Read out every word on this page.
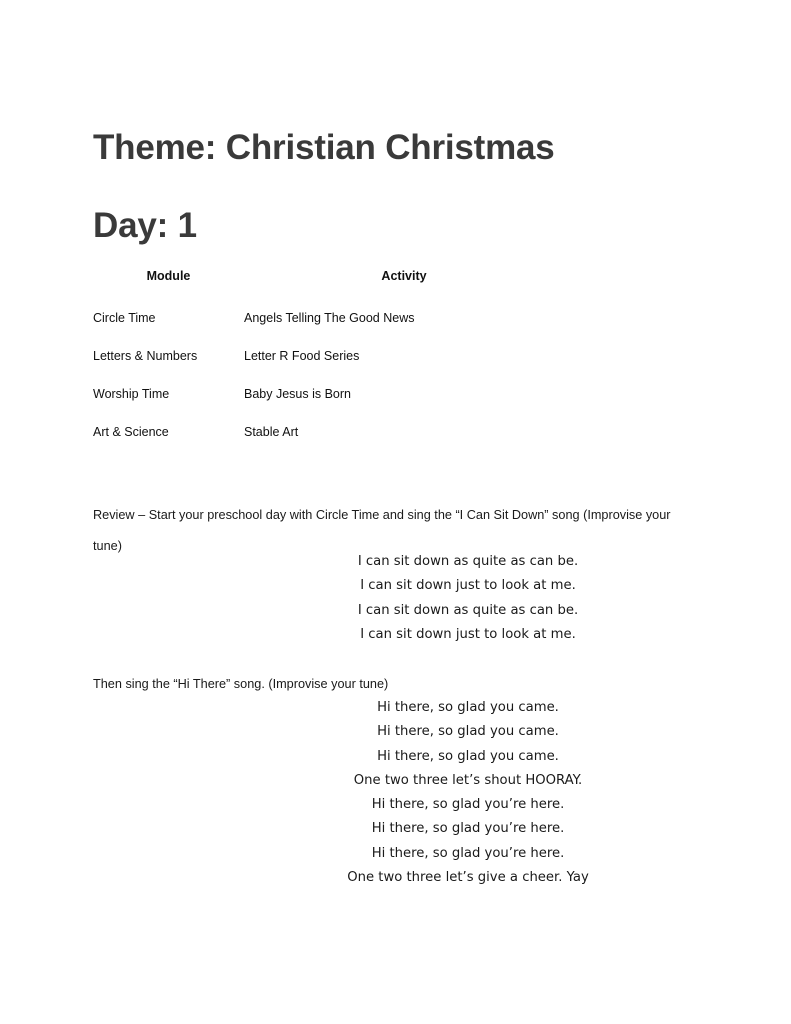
Theme: Christian Christmas
Day: 1
Module	Activity
Circle Time	Angels Telling The Good News
Letters & Numbers	Letter R Food Series
Worship Time	Baby Jesus is Born
Art & Science	Stable Art

Review – Start your preschool day with Circle Time and sing the “I Can Sit Down” song (Improvise your tune)

I can sit down as quite as can be.
I can sit down just to look at me.
I can sit down as quite as can be.
I can sit down just to look at me.

Then sing the “Hi There” song. (Improvise your tune)

Hi there, so glad you came.
Hi there, so glad you came.
Hi there, so glad you came.
One two three let’s shout HOORAY.
Hi there, so glad you’re here.
Hi there, so glad you’re here.
Hi there, so glad you’re here.
One two three let’s give a cheer. Yay
